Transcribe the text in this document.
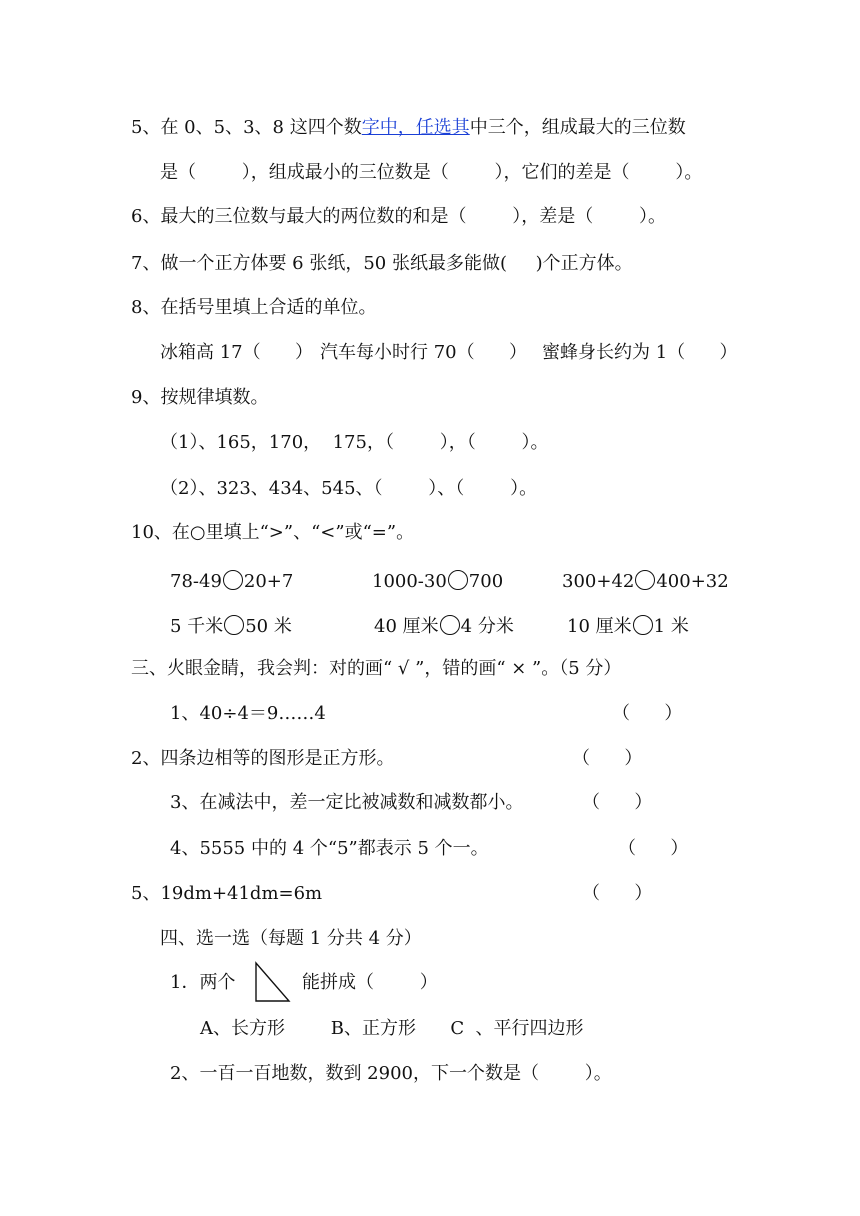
5、在 0、5、3、8 这四个数字中，任选其中三个，组成最大的三位数
是（        ），组成最小的三位数是（        ），它们的差是（        ）。
6、最大的三位数与最大的两位数的和是（        ），差是（        ）。
7、做一个正方体要 6 张纸，50 张纸最多能做(     )个正方体。
8、在括号里填上合适的单位。
冰箱高 17（      ） 汽车每小时行 70（      ） 蜜蜂身长约为 1（      ）
9、按规律填数。
（1）、165，170，  175，（        ），（        ）。
（2）、323、434、545、（        ）、（        ）。
10、在○里填上“>”、“<”或“=”。
78-49 20+7	1000-30 700	300+42 400+32
5 千米 50 米	40 厘米 4 分米	10 厘米 1 米
三、火眼金睛，我会判：对的画“ √ ”，错的画“ × ”。（5 分）
1、40÷4＝9……4	（      ）
2、四条边相等的图形是正方形。	（      ）
3、在减法中，差一定比被减数和减数都小。	（      ）
4、5555 中的 4 个“5”都表示 5 个一。	（      ）
5、19dm+41dm=6m	（      ）
四、选一选（每题 1 分共 4 分）
1．两个	能拼成（        ）
A、长方形        B、正方形      C  、平行四边形
2、一百一百地数，数到 2900，下一个数是（        ）。
